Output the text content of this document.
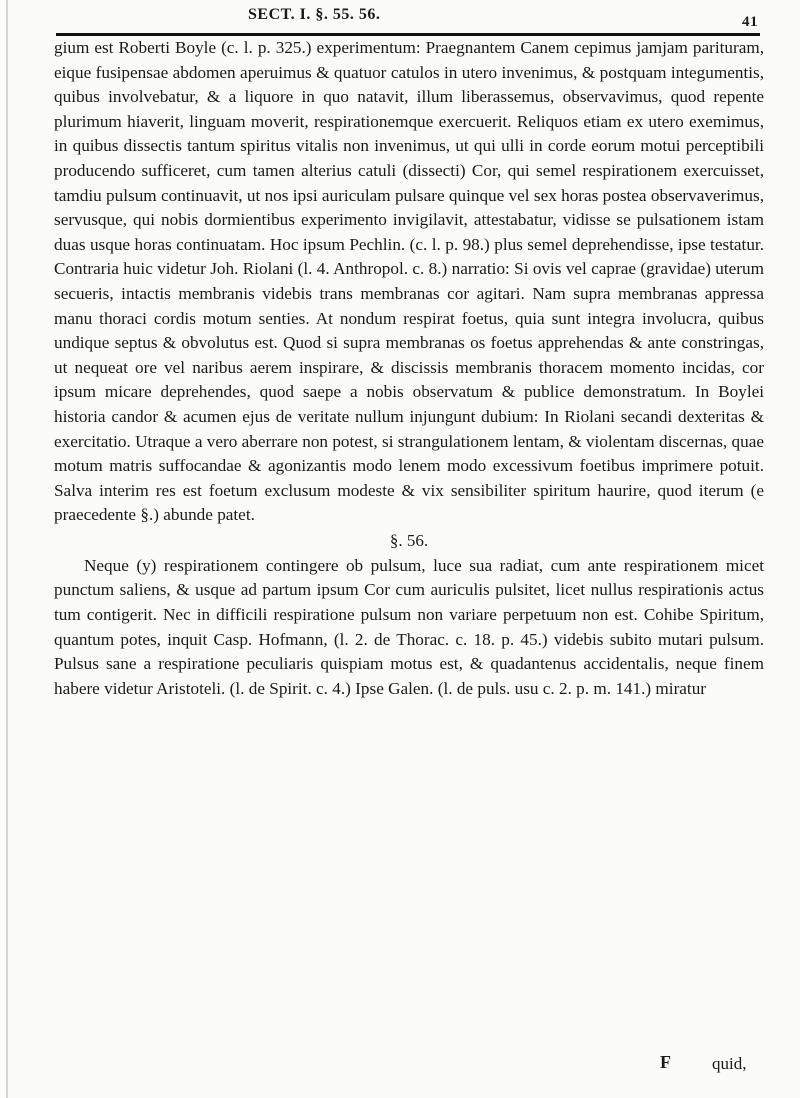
SECT. I. §. 55. 56.	41

gium est Roberti Boyle (c. l. p. 325.) experimentum: Praegnantem Canem cepimus jamjam parituram, eique fusipensae abdomen aperuimus & quatuor catulos in utero invenimus, & postquam integumentis, quibus involvebatur, & a liquore in quo natavit, illum liberassemus, observavimus, quod repente plurimum hiaverit, linguam moverit, respirationemque exercuerit. Reliquos etiam ex utero exemimus, in quibus dissectis tantum spiritus vitalis non invenimus, ut qui ulli in corde eorum motui perceptibili producendo sufficeret, cum tamen alterius catuli (dissecti) Cor, qui semel respirationem exercuisset, tamdiu pulsum continuavit, ut nos ipsi auriculam pulsare quinque vel sex horas postea observaverimus, servusque, qui nobis dormientibus experimento invigilavit, attestabatur, vidisse se pulsationem istam duas usque horas continuatam. Hoc ipsum Pechlin. (c. l. p. 98.) plus semel deprehendisse, ipse testatur. Contraria huic videtur Joh. Riolani (l. 4. Anthropol. c. 8.) narratio: Si ovis vel caprae (gravidae) uterum secueris, intactis membranis videbis trans membranas cor agitari. Nam supra membranas appressa manu thoraci cordis motum senties. At nondum respirat foetus, quia sunt integra involucra, quibus undique septus & obvolutus est. Quod si supra membranas os foetus apprehendas & ante constringas, ut nequeat ore vel naribus aerem inspirare, & discissis membranis thoracem momento incidas, cor ipsum micare deprehendes, quod saepe a nobis observatum & publice demonstratum. In Boylei historia candor & acumen ejus de veritate nullum injungunt dubium: In Riolani secandi dexteritas & exercitatio. Utraque a vero aberrare non potest, si strangulationem lentam, & violentam discernas, quae motum matris suffocandae & agonizantis modo lenem modo excessivum foetibus imprimere potuit. Salva interim res est foetum exclusum modeste & vix sensibiliter spiritum haurire, quod iterum (e praecedente §.) abunde patet.

§. 56.

Neque (y) respirationem contingere ob pulsum, luce sua radiat, cum ante respirationem micet punctum saliens, & usque ad partum ipsum Cor cum auriculis pulsitet, licet nullus respirationis actus tum contigerit. Nec in difficili respiratione pulsum non variare perpetuum non est. Cohibe Spiritum, quantum potes, inquit Casp. Hofmann, (l. 2. de Thorac. c. 18. p. 45.) videbis subito mutari pulsum. Pulsus sane a respiratione peculiaris quispiam motus est, & quadantenus accidentalis, neque finem habere videtur Aristoteli. (l. de Spirit. c. 4.) Ipse Galen. (l. de puls. usu c. 2. p. m. 141.) miratur

F quid,
